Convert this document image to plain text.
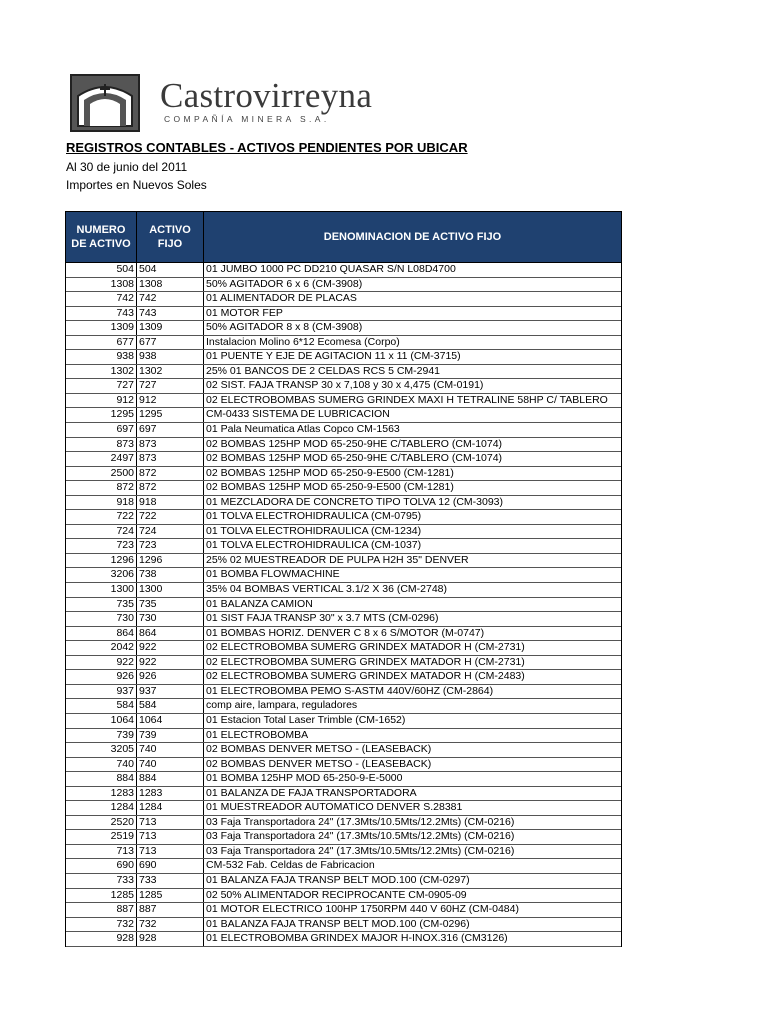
Castrovirreyna
COMPAÑÍA MINERA S.A.
REGISTROS CONTABLES - ACTIVOS PENDIENTES POR UBICAR
Al 30 de junio del 2011
Importes en Nuevos Soles
NUMERO
DE ACTIVO
ACTIVO
FIJO
DENOMINACION DE ACTIVO FIJO
504 504	01 JUMBO 1000 PC DD210 QUASAR S/N L08D4700
1308 1308	50% AGITADOR 6 x 6 (CM-3908)
742 742	01 ALIMENTADOR DE PLACAS
743 743	01 MOTOR FEP
1309 1309	50% AGITADOR 8 x 8 (CM-3908)
677 677	Instalacion Molino 6*12 Ecomesa (Corpo)
938 938	01 PUENTE Y EJE DE AGITACION 11 x 11 (CM-3715)
1302 1302	25% 01 BANCOS DE 2 CELDAS RCS 5 CM-2941
727 727	02 SIST. FAJA TRANSP 30 x 7,108 y 30 x 4,475 (CM-0191)
912 912	02 ELECTROBOMBAS SUMERG GRINDEX MAXI H TETRALINE 58HP C/ TABLERO
1295 1295	CM-0433 SISTEMA DE LUBRICACION
697 697	01 Pala Neumatica Atlas Copco CM-1563
873 873	02 BOMBAS 125HP MOD 65-250-9HE C/TABLERO (CM-1074)
2497 873	02 BOMBAS 125HP MOD 65-250-9HE C/TABLERO (CM-1074)
2500 872	02 BOMBAS 125HP MOD 65-250-9-E500 (CM-1281)
872 872	02 BOMBAS 125HP MOD 65-250-9-E500 (CM-1281)
918 918	01 MEZCLADORA DE CONCRETO TIPO TOLVA 12 (CM-3093)
722 722	01 TOLVA ELECTROHIDRAULICA (CM-0795)
724 724	01 TOLVA ELECTROHIDRAULICA (CM-1234)
723 723	01 TOLVA ELECTROHIDRAULICA (CM-1037)
1296 1296	25% 02 MUESTREADOR DE PULPA H2H 35" DENVER
3206 738	01 BOMBA FLOWMACHINE
1300 1300	35% 04 BOMBAS VERTICAL 3.1/2 X 36 (CM-2748)
735 735	01 BALANZA CAMION
730 730	01 SIST FAJA TRANSP 30" x 3.7 MTS (CM-0296)
864 864	01 BOMBAS HORIZ. DENVER C 8 x 6 S/MOTOR (M-0747)
2042 922	02 ELECTROBOMBA SUMERG GRINDEX MATADOR H (CM-2731)
922 922	02 ELECTROBOMBA SUMERG GRINDEX MATADOR H (CM-2731)
926 926	02 ELECTROBOMBA SUMERG GRINDEX MATADOR H (CM-2483)
937 937	01 ELECTROBOMBA PEMO S-ASTM 440V/60HZ (CM-2864)
584 584	comp aire, lampara, reguladores
1064 1064	01 Estacion Total Laser Trimble (CM-1652)
739 739	01 ELECTROBOMBA
3205 740	02 BOMBAS DENVER METSO - (LEASEBACK)
740 740	02 BOMBAS DENVER METSO - (LEASEBACK)
884 884	01 BOMBA 125HP MOD 65-250-9-E-5000
1283 1283	01 BALANZA DE FAJA TRANSPORTADORA
1284 1284	01 MUESTREADOR AUTOMATICO DENVER S.28381
2520 713	03 Faja Transportadora 24" (17.3Mts/10.5Mts/12.2Mts) (CM-0216)
2519 713	03 Faja Transportadora 24" (17.3Mts/10.5Mts/12.2Mts) (CM-0216)
713 713	03 Faja Transportadora 24" (17.3Mts/10.5Mts/12.2Mts) (CM-0216)
690 690	CM-532 Fab. Celdas de Fabricacion
733 733	01 BALANZA FAJA TRANSP BELT MOD.100 (CM-0297)
1285 1285	02 50% ALIMENTADOR RECIPROCANTE CM-0905-09
887 887	01 MOTOR ELECTRICO 100HP 1750RPM 440 V 60HZ (CM-0484)
732 732	01 BALANZA FAJA TRANSP BELT MOD.100 (CM-0296)
928 928	01 ELECTROBOMBA GRINDEX MAJOR H-INOX.316 (CM3126)
